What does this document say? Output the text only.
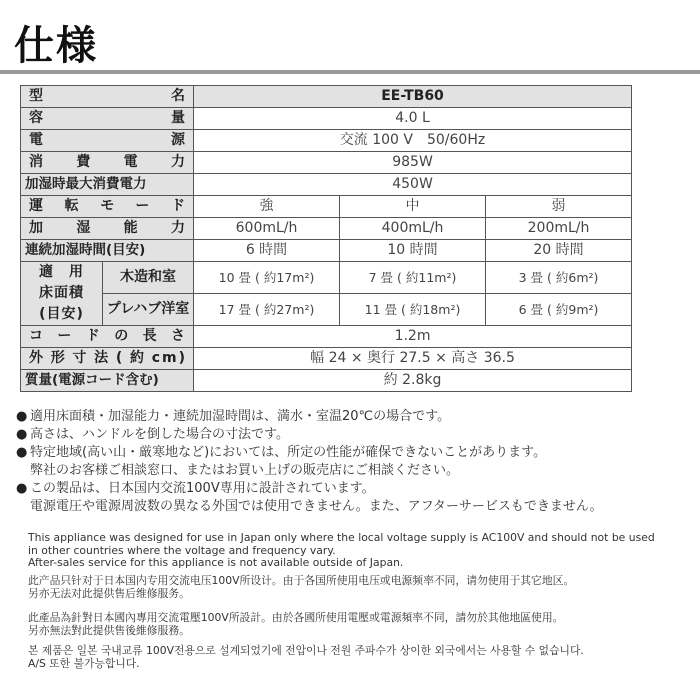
仕様
型名		EE-TB60		
容量		4.0 L		
電源		交流 100 V　50/60Hz		
消費電力		985W		
加湿時最大消費電力		450W		
運転モード		強	中	弱
加湿能力		600mL/h	400mL/h	200mL/h
連続加湿時間(目安)		6 時間	10 時間	20 時間

適　用
床面積
(目安)	木造和室	10 畳 ( 約17m²)	7 畳 ( 約11m²)	3 畳 ( 約6m²)
	プレハブ洋室	17 畳 ( 約27m²)	11 畳 ( 約18m²)	6 畳 ( 約9m²)
コードの長さ		1.2m		
外形寸法(約cm)		幅 24 × 奥行 27.5 × 高さ 36.5		
質量(電源コード含む)		約 2.8kg		
● 適用床面積・加湿能力・連続加湿時間は、満水・室温20℃の場合です。
● 高さは、ハンドルを倒した場合の寸法です。
● 特定地域(高い山・厳寒地など)においては、所定の性能が確保できないことがあります。
弊社のお客様ご相談窓口、またはお買い上げの販売店にご相談ください。
● この製品は、日本国内交流100V専用に設計されています。
電源電圧や電源周波数の異なる外国では使用できません。また、アフターサービスもできません。
This appliance was designed for use in Japan only where the local voltage supply is AC100V and should not be used
in other countries where the voltage and frequency vary.
After-sales service for this appliance is not available outside of Japan.
此产品只针对于日本国内专用交流电压100V所设计。由于各国所使用电压或电源频率不同，请勿使用于其它地区。
另亦无法对此提供售后维修服务。
此產品為針對日本國內專用交流電壓100V所設計。由於各國所使用電壓或電源頻率不同，請勿於其他地區使用。
另亦無法對此提供售後維修服務。
본 제품은 일본 국내교류 100V전용으로 설계되었기에 전압이나 전원 주파수가 상이한 외국에서는 사용할 수 없습니다.
A/S 또한 불가능합니다.
